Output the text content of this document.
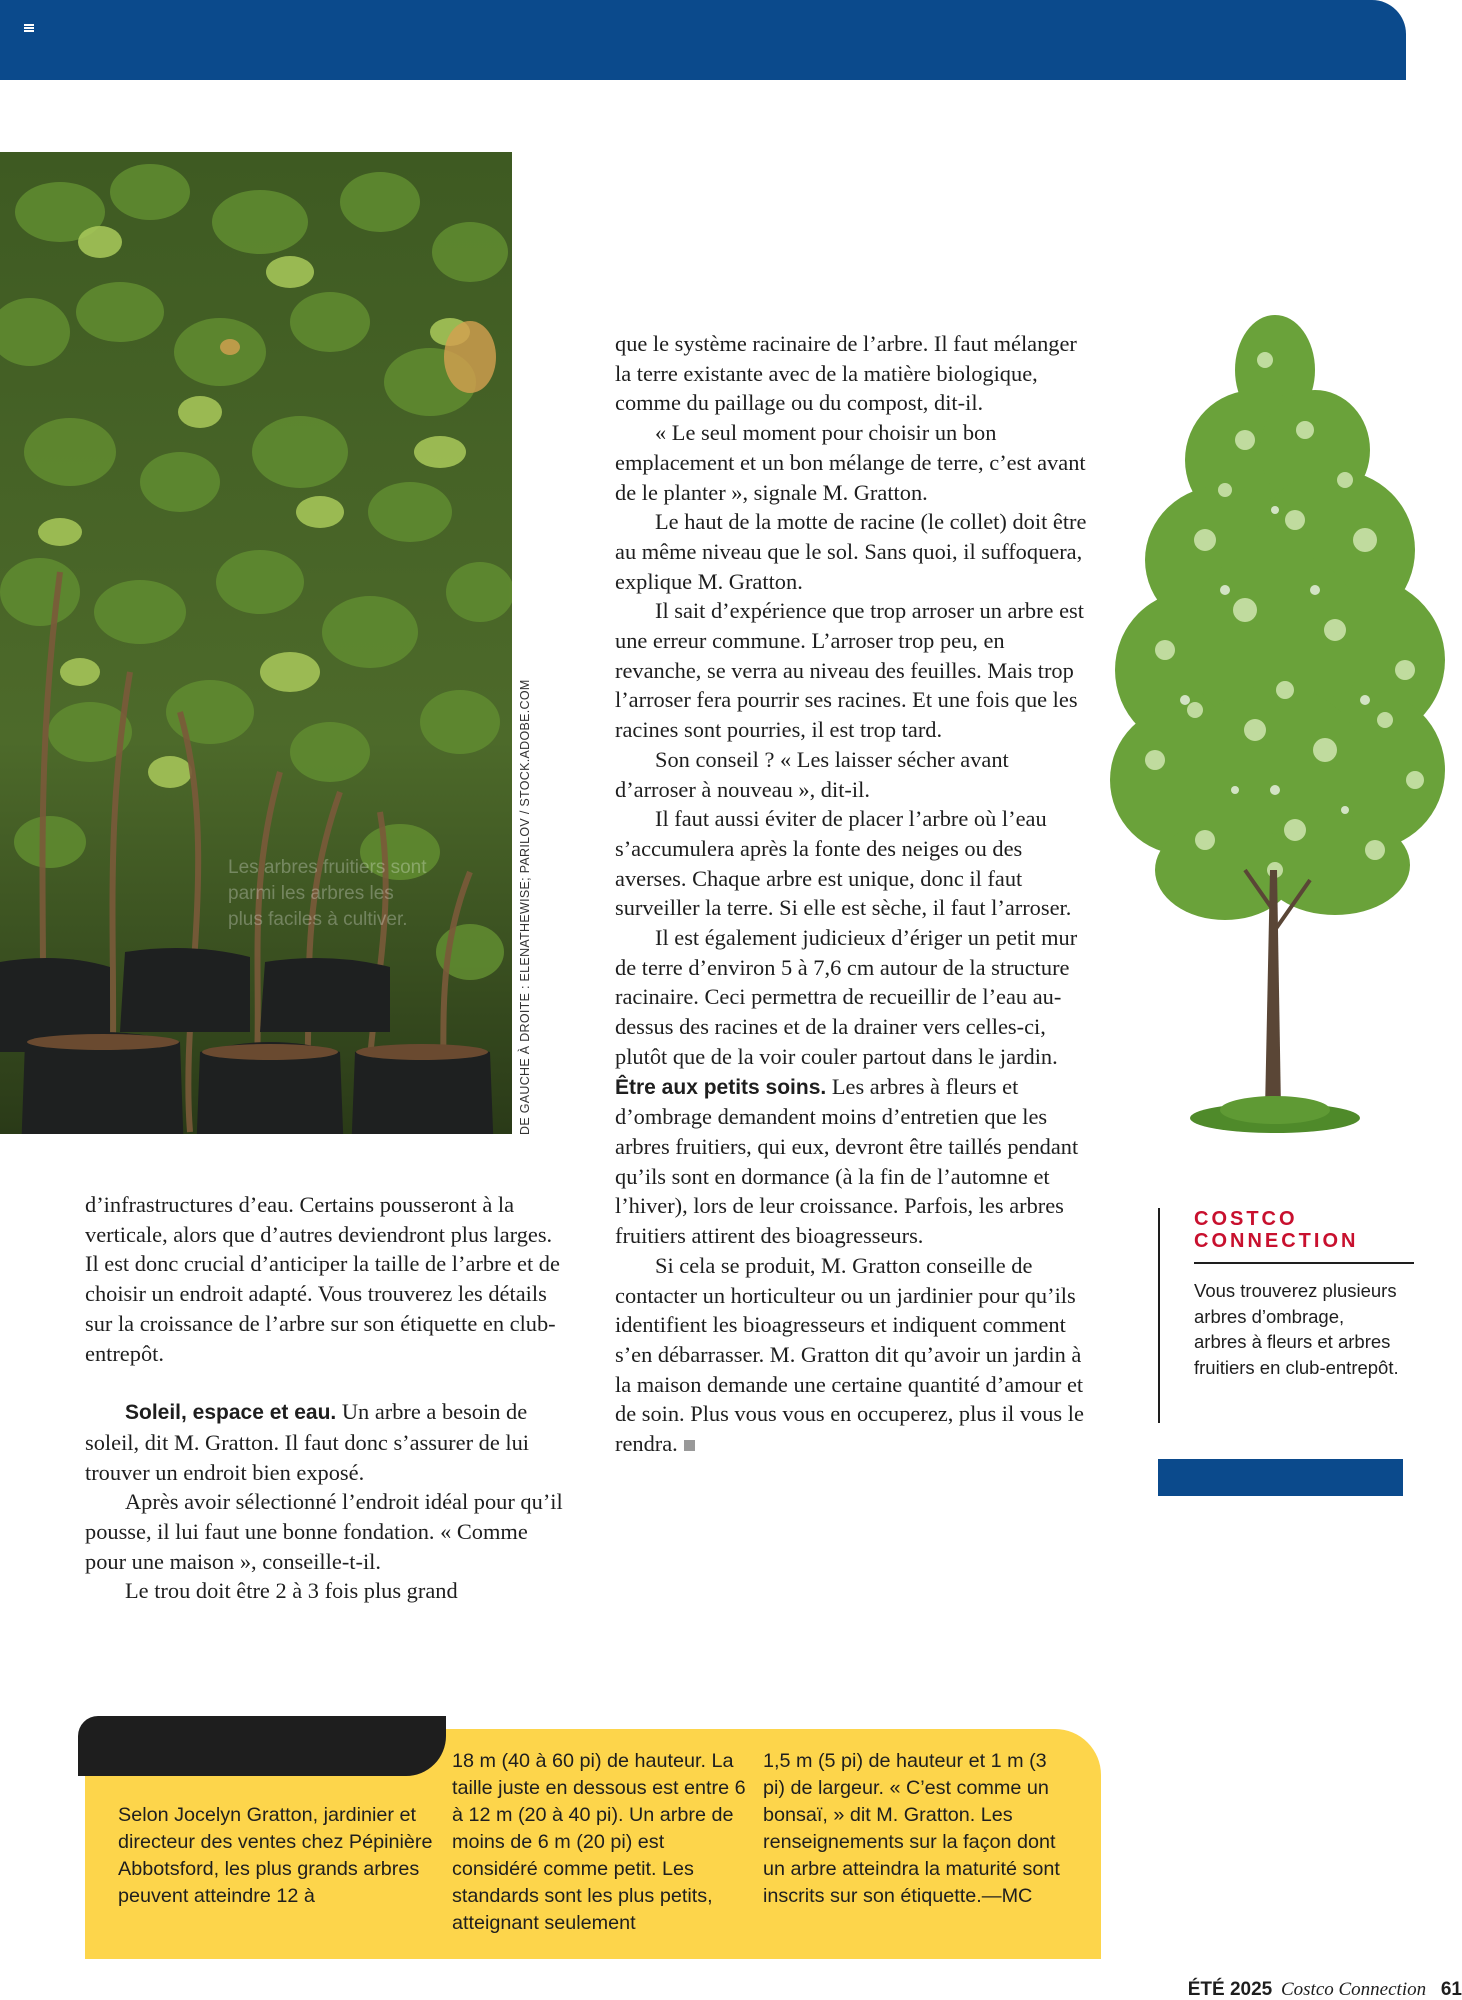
Les arbres fruitiers sont parmi les arbres les plus faciles à cultiver.	DE GAUCHE À DROITE : ELENATHEWISE; PARILOV / STOCK.ADOBE.COM

d’infrastructures d’eau. Certains pousseront à la verticale, alors que d’autres deviendront plus larges. Il est donc crucial d’anticiper la taille de l’arbre et de choisir un endroit adapté. Vous trouverez les détails sur la croissance de l’arbre sur son étiquette en club-entrepôt.

Soleil, espace et eau. Un arbre a besoin de soleil, dit M. Gratton. Il faut donc s’assurer de lui trouver un endroit bien exposé.

Après avoir sélectionné l’endroit idéal pour qu’il pousse, il lui faut une bonne fondation. « Comme pour une maison », conseille-t-il.

Le trou doit être 2 à 3 fois plus grand

que le système racinaire de l’arbre. Il faut mélanger la terre existante avec de la matière biologique, comme du paillage ou du compost, dit-il.

« Le seul moment pour choisir un bon emplacement et un bon mélange de terre, c’est avant de le planter », signale M. Gratton.

Le haut de la motte de racine (le collet) doit être au même niveau que le sol. Sans quoi, il suffoquera, explique M. Gratton.

Il sait d’expérience que trop arroser un arbre est une erreur commune. L’arroser trop peu, en revanche, se verra au niveau des feuilles. Mais trop l’arroser fera pourrir ses racines. Et une fois que les racines sont pourries, il est trop tard.

Son conseil ? « Les laisser sécher avant d’arroser à nouveau », dit-il.

Il faut aussi éviter de placer l’arbre où l’eau s’accumulera après la fonte des neiges ou des averses. Chaque arbre est unique, donc il faut surveiller la terre. Si elle est sèche, il faut l’arroser.

Il est également judicieux d’ériger un petit mur de terre d’environ 5 à 7,6 cm autour de la structure racinaire. Ceci permettra de recueillir de l’eau au-dessus des racines et de la drainer vers celles-ci, plutôt que de la voir couler partout dans le jardin.

Être aux petits soins. Les arbres à fleurs et d’ombrage demandent moins d’entretien que les arbres fruitiers, qui eux, devront être taillés pendant qu’ils sont en dormance (à la fin de l’automne et l’hiver), lors de leur croissance. Parfois, les arbres fruitiers attirent des bioagresseurs.

Si cela se produit, M. Gratton conseille de contacter un horticulteur ou un jardinier pour qu’ils identifient les bioagresseurs et indiquent comment s’en débarrasser. M. Gratton dit qu’avoir un jardin à la maison demande une certaine quantité d’amour et de soin. Plus vous vous en occuperez, plus il vous le rendra.

COSTCO CONNECTION
Vous trouverez plusieurs arbres d’ombrage, arbres à fleurs et arbres fruitiers en club-entrepôt.
Selon Jocelyn Gratton, jardinier et directeur des ventes chez Pépinière Abbotsford, les plus grands arbres peuvent atteindre 12 à
18 m (40 à 60 pi) de hauteur. La taille juste en dessous est entre 6 à 12 m (20 à 40 pi). Un arbre de moins de 6 m (20 pi) est considéré comme petit. Les standards sont les plus petits, atteignant seulement
1,5 m (5 pi) de hauteur et 1 m (3 pi) de largeur. « C’est comme un bonsaï, » dit M. Gratton. Les renseignements sur la façon dont un arbre atteindra la maturité sont inscrits sur son étiquette.—MC
ÉTÉ 2025 Costco Connection 61
